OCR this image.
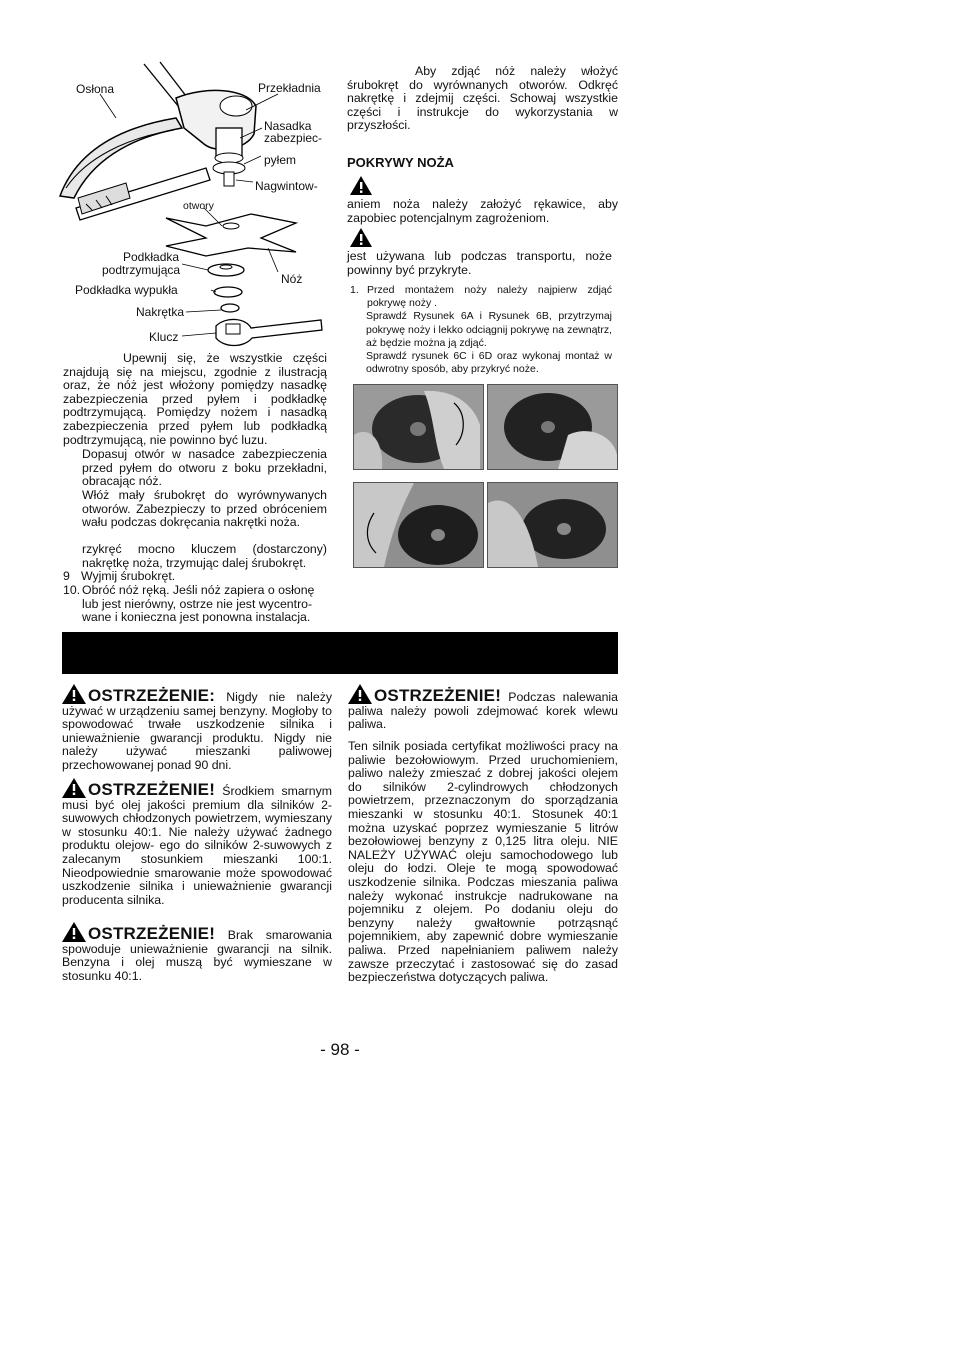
Osłona	Przekładnia
Nasadka
zabezpiec-
pyłem
Nagwintow-
otwory
Podkładka
podtrzymująca
Nóż
Podkładka wypukła
Nakrętka
Klucz
Upewnij się, że wszystkie części znajdują się na miejscu, zgodnie z ilustracją oraz, że nóż jest włożony pomiędzy nasadkę zabezpieczenia przed pyłem i podkładkę podtrzymującą. Pomiędzy nożem i nasadką zabezpieczenia przed pyłem lub podkładką podtrzymującą, nie powinno być luzu.
Dopasuj otwór w nasadce zabezpieczenia przed pyłem do otworu z boku przekładni, obracając nóż.
Włóż mały śrubokręt do wyrównywanych otworów. Zabezpieczy to przed obróceniem wału podczas dokręcania nakrętki noża.
rzykręć mocno kluczem (dostarczony) nakrętkę noża, trzymując dalej śrubokręt.
9 Wyjmij śrubokręt.
10. Obróć nóż ręką. Jeśli nóż zapiera o osłonę lub jest nierówny, ostrze nie jest wycentro-wane i konieczna jest ponowna instalacja.
Aby zdjąć nóż należy włożyć śrubokręt do wyrównanych otworów. Odkręć nakrętkę i zdejmij części. Schowaj wszystkie części i instrukcje do wykorzystania w przyszłości.
POKRYWY NOŻA
aniem noża należy założyć rękawice, aby zapobiec potencjalnym zagrożeniom.
jest używana lub podczas transportu, noże powinny być przykryte.
1. Przed montażem noży należy najpierw zdjąć pokrywę noży .
Sprawdź Rysunek 6A i Rysunek 6B, przytrzymaj pokrywę noży i lekko odciągnij pokrywę na zewnątrz, aż będzie można ją zdjąć.
Sprawdź rysunek 6C i 6D oraz wykonaj montaż w odwrotny sposób, aby przykryć noże.
OSTRZEŻENIE: Nigdy nie należy używać w urządzeniu samej benzyny. Mogłoby to spowodować trwałe uszkodzenie silnika i unieważnienie gwarancji produktu. Nigdy nie należy używać mieszanki paliwowej przechowowanej ponad 90 dni.
OSTRZEŻENIE! Środkiem smarnym musi być olej jakości premium dla silników 2-suwowych chłodzonych powietrzem, wymieszany w stosunku 40:1. Nie należy używać żadnego produktu olejow- ego do silników 2-suwowych z zalecanym stosunkiem mieszanki 100:1. Nieodpowiednie smarowanie może spowodować uszkodzenie silnika i unieważnienie gwarancji producenta silnika.
OSTRZEŻENIE! Brak smarowania spowoduje unieważnienie gwarancji na silnik. Benzyna i olej muszą być wymieszane w stosunku 40:1.
OSTRZEŻENIE! Podczas nalewania paliwa należy powoli zdejmować korek wlewu paliwa.
Ten silnik posiada certyfikat możliwości pracy na paliwie bezołowiowym. Przed uruchomieniem, paliwo należy zmieszać z dobrej jakości olejem do silników 2-cylindrowych chłodzonych powietrzem, przeznaczonym do sporządzania mieszanki w stosunku 40:1. Stosunek 40:1 można uzyskać poprzez wymieszanie 5 litrów bezołowiowej benzyny z 0,125 litra oleju. NIE NALEŻY UŻYWAĆ oleju samochodowego lub oleju do łodzi. Oleje te mogą spowodować uszkodzenie silnika. Podczas mieszania paliwa należy wykonać instrukcje nadrukowane na pojemniku z olejem. Po dodaniu oleju do benzyny należy gwałtownie potrząsnąć pojemnikiem, aby zapewnić dobre wymieszanie paliwa. Przed napełnianiem paliwem należy zawsze przeczytać i zastosować się do zasad bezpieczeństwa dotyczących paliwa.
- 98 -
